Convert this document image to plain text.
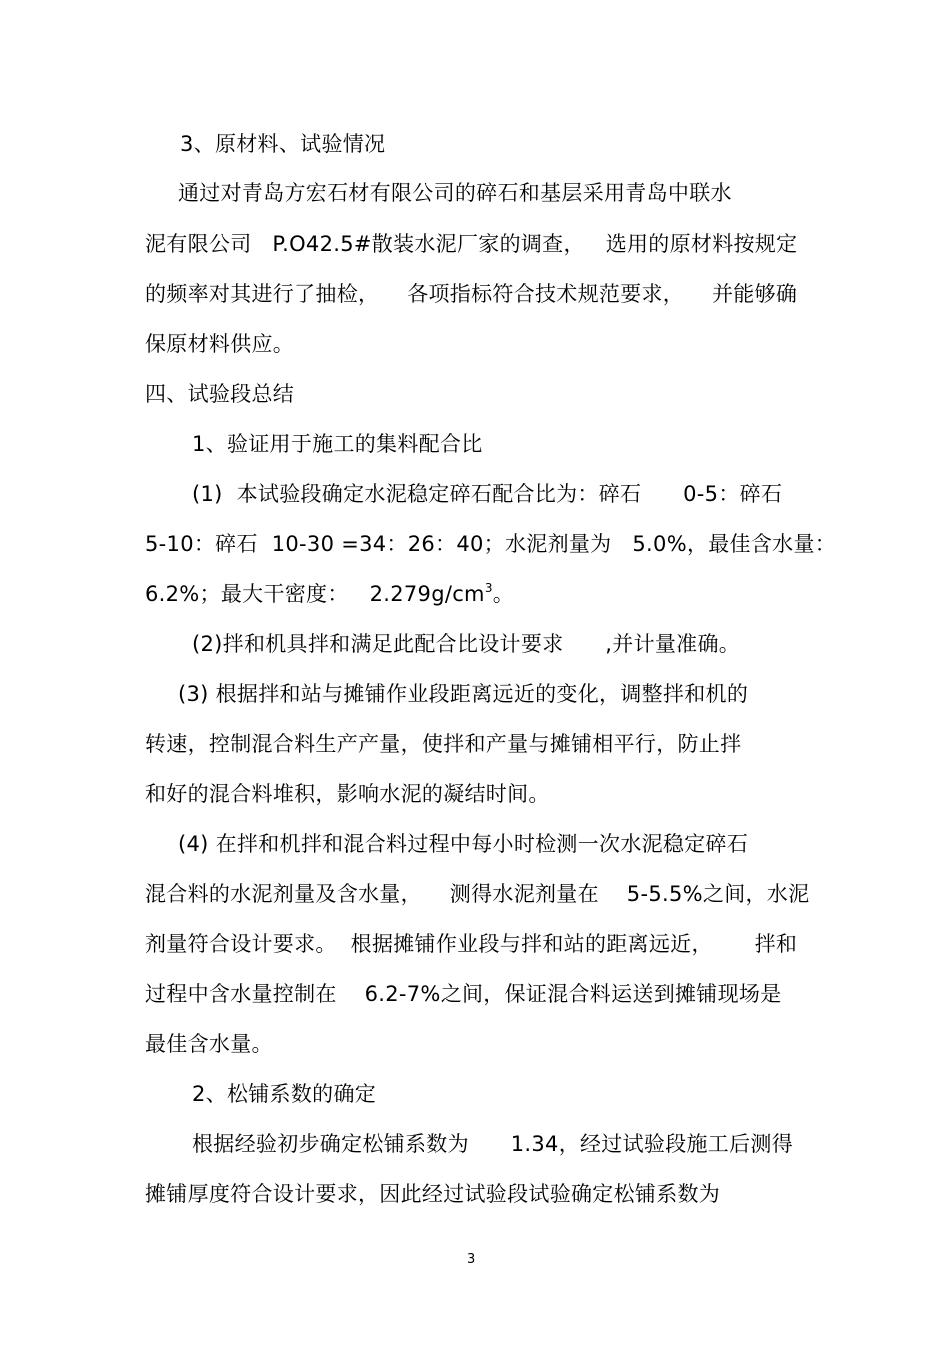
3、原材料、试验情况
通过对青岛方宏石材有限公司的碎石和基层采用青岛中联水
泥有限公司   P.O42.5#散装水泥厂家的调查，   选用的原材料按规定
的频率对其进行了抽检，    各项指标符合技术规范要求，    并能够确
保原材料供应。
四、试验段总结
1、验证用于施工的集料配合比
(1)  本试验段确定水泥稳定碎石配合比为：碎石      0-5：碎石
5-10：碎石  10-30 =34：26：40；水泥剂量为   5.0%，最佳含水量：
6.2%；最大干密度：   $2.279g/cm^3$。
(2)拌和机具拌和满足此配合比设计要求      ,并计量准确。
(3) 根据拌和站与摊铺作业段距离远近的变化，调整拌和机的
转速，控制混合料生产产量，使拌和产量与摊铺相平行，防止拌
和好的混合料堆积，影响水泥的凝结时间。
(4) 在拌和机拌和混合料过程中每小时检测一次水泥稳定碎石
混合料的水泥剂量及含水量，    测得水泥剂量在    5-5.5%之间，水泥
剂量符合设计要求。  根据摊铺作业段与拌和站的距离远近，      拌和
过程中含水量控制在    6.2-7%之间，保证混合料运送到摊铺现场是
最佳含水量。
2、松铺系数的确定
根据经验初步确定松铺系数为      1.34，经过试验段施工后测得
摊铺厚度符合设计要求，因此经过试验段试验确定松铺系数为
3
